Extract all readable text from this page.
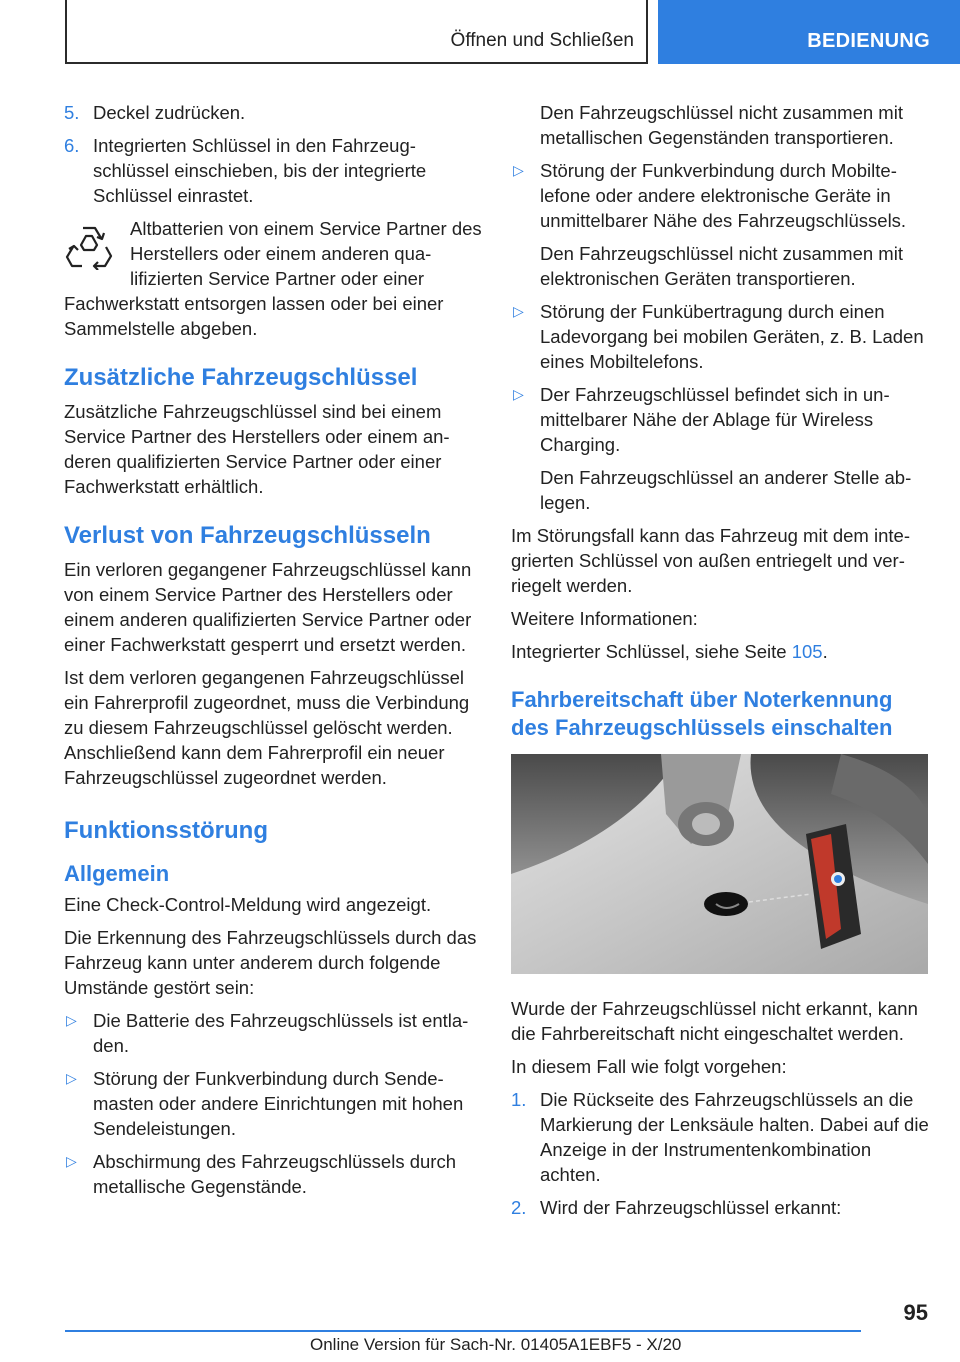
Öffnen und Schließen	BEDIENUNG
5. Deckel zudrücken.
6. Integrierten Schlüssel in den Fahrzeugschlüssel einschieben, bis der integrierte Schlüssel einrastet.
Altbatterien von einem Service Partner des Herstellers oder einem anderen qualifizierten Service Partner oder einer Fachwerkstatt entsorgen lassen oder bei einer Sammelstelle abgeben.
Zusätzliche Fahrzeugschlüssel

Zusätzliche Fahrzeugschlüssel sind bei einem Service Partner des Herstellers oder einem anderen qualifizierten Service Partner oder einer Fachwerkstatt erhältlich.

Verlust von Fahrzeugschlüsseln

Ein verloren gegangener Fahrzeugschlüssel kann von einem Service Partner des Herstellers oder einem anderen qualifizierten Service Partner oder einer Fachwerkstatt gesperrt und ersetzt werden.

Ist dem verloren gegangenen Fahrzeugschlüssel ein Fahrerprofil zugeordnet, muss die Verbindung zu diesem Fahrzeugschlüssel gelöscht werden. Anschließend kann dem Fahrerprofil ein neuer Fahrzeugschlüssel zugeordnet werden.

Funktionsstörung
Allgemein

Eine Check-Control-Meldung wird angezeigt.

Die Erkennung des Fahrzeugschlüssels durch das Fahrzeug kann unter anderem durch folgende Umstände gestört sein:

▷ Die Batterie des Fahrzeugschlüssels ist entladen.
▷ Störung der Funkverbindung durch Sendemasten oder andere Einrichtungen mit hohen Sendeleistungen.
▷ Abschirmung des Fahrzeugschlüssels durch metallische Gegenstände.

Den Fahrzeugschlüssel nicht zusammen mit metallischen Gegenständen transportieren.

▷ Störung der Funkverbindung durch Mobiltelefone oder andere elektronische Geräte in unmittelbarer Nähe des Fahrzeugschlüssels.

Den Fahrzeugschlüssel nicht zusammen mit elektronischen Geräten transportieren.

▷ Störung der Funkübertragung durch einen Ladevorgang bei mobilen Geräten, z. B. Laden eines Mobiltelefons.
▷ Der Fahrzeugschlüssel befindet sich in unmittelbarer Nähe der Ablage für Wireless Charging.

Den Fahrzeugschlüssel an anderer Stelle ablegen.

Im Störungsfall kann das Fahrzeug mit dem integrierten Schlüssel von außen entriegelt und verriegelt werden.

Weitere Informationen:

Integrierter Schlüssel, siehe Seite 105.

Fahrbereitschaft über Noterkennung des Fahrzeugschlüssels einschalten

Wurde der Fahrzeugschlüssel nicht erkannt, kann die Fahrbereitschaft nicht eingeschaltet werden.

In diesem Fall wie folgt vorgehen:

1. Die Rückseite des Fahrzeugschlüssels an die Markierung der Lenksäule halten. Dabei auf die Anzeige in der Instrumentenkombination achten.
2. Wird der Fahrzeugschlüssel erkannt:
95
Online Version für Sach-Nr. 01405A1EBF5 - X/20
